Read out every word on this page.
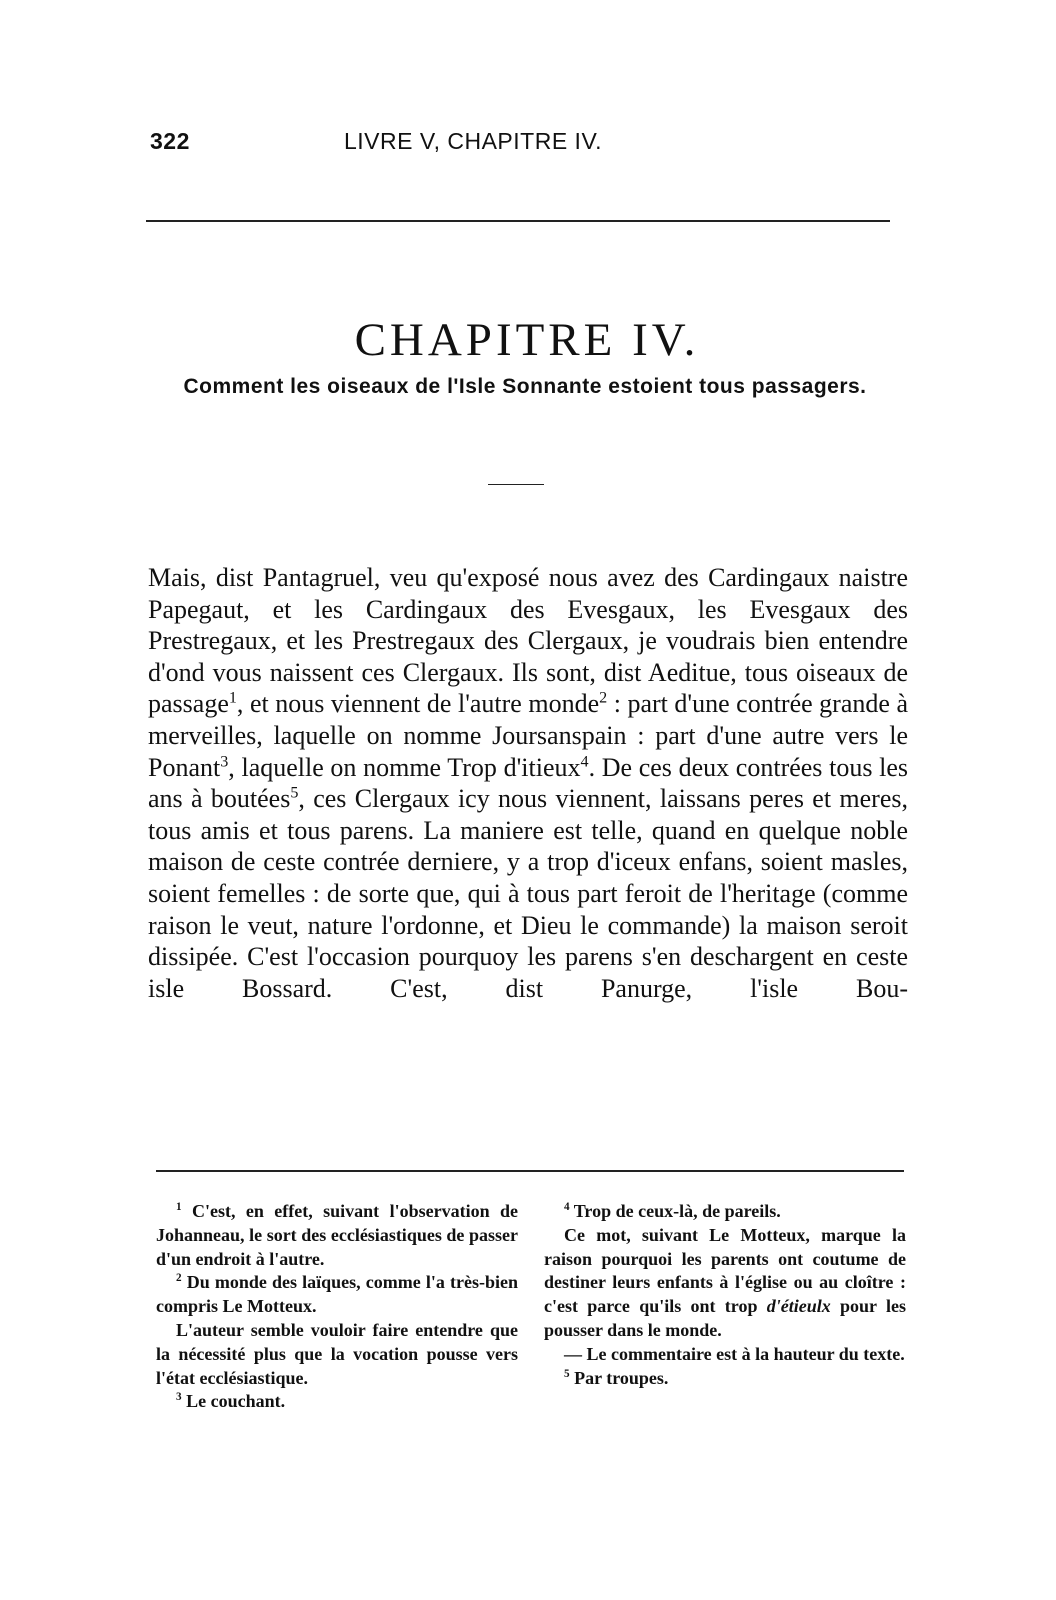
322	LIVRE V, CHAPITRE IV.
CHAPITRE IV.
Comment les oiseaux de l'Isle Sonnante estoient tous passagers.

Mais, dist Pantagruel, veu qu'exposé nous avez des Cardingaux naistre Papegaut, et les Cardingaux des Evesgaux, les Evesgaux des Prestregaux, et les Prestregaux des Clergaux, je voudrais bien entendre d'ond vous naissent ces Clergaux. Ils sont, dist Aeditue, tous oiseaux de passage$^1$, et nous viennent de l'autre monde$^2$ : part d'une contrée grande à merveilles, laquelle on nomme Joursanspain : part d'une autre vers le Ponant$^3$, laquelle on nomme Trop d'itieux$^4$. De ces deux contrées tous les ans à boutées$^5$, ces Clergaux icy nous viennent, laissans peres et meres, tous amis et tous parens. La maniere est telle, quand en quelque noble maison de ceste contrée derniere, y a trop d'iceux enfans, soient masles, soient femelles : de sorte que, qui à tous part feroit de l'heritage (comme raison le veut, nature l'ordonne, et Dieu le commande) la maison seroit dissipée. C'est l'occasion pourquoy les parens s'en deschargent en ceste isle Bossard. C'est, dist Panurge, l'isle Bou-

$^1$ C'est, en effet, suivant l'observation de Johanneau, le sort des ecclésiastiques de passer d'un endroit à l'autre.

$^2$ Du monde des laïques, comme l'a très-bien compris Le Motteux.

L'auteur semble vouloir faire entendre que la nécessité plus que la vocation pousse vers l'état ecclésiastique.

$^3$ Le couchant.

$^4$ Trop de ceux-là, de pareils.

Ce mot, suivant Le Motteux, marque la raison pourquoi les parents ont coutume de destiner leurs enfants à l'église ou au cloître : c'est parce qu'ils ont trop d'étieulx pour les pousser dans le monde.

— Le commentaire est à la hauteur du texte.

$^5$ Par troupes.
